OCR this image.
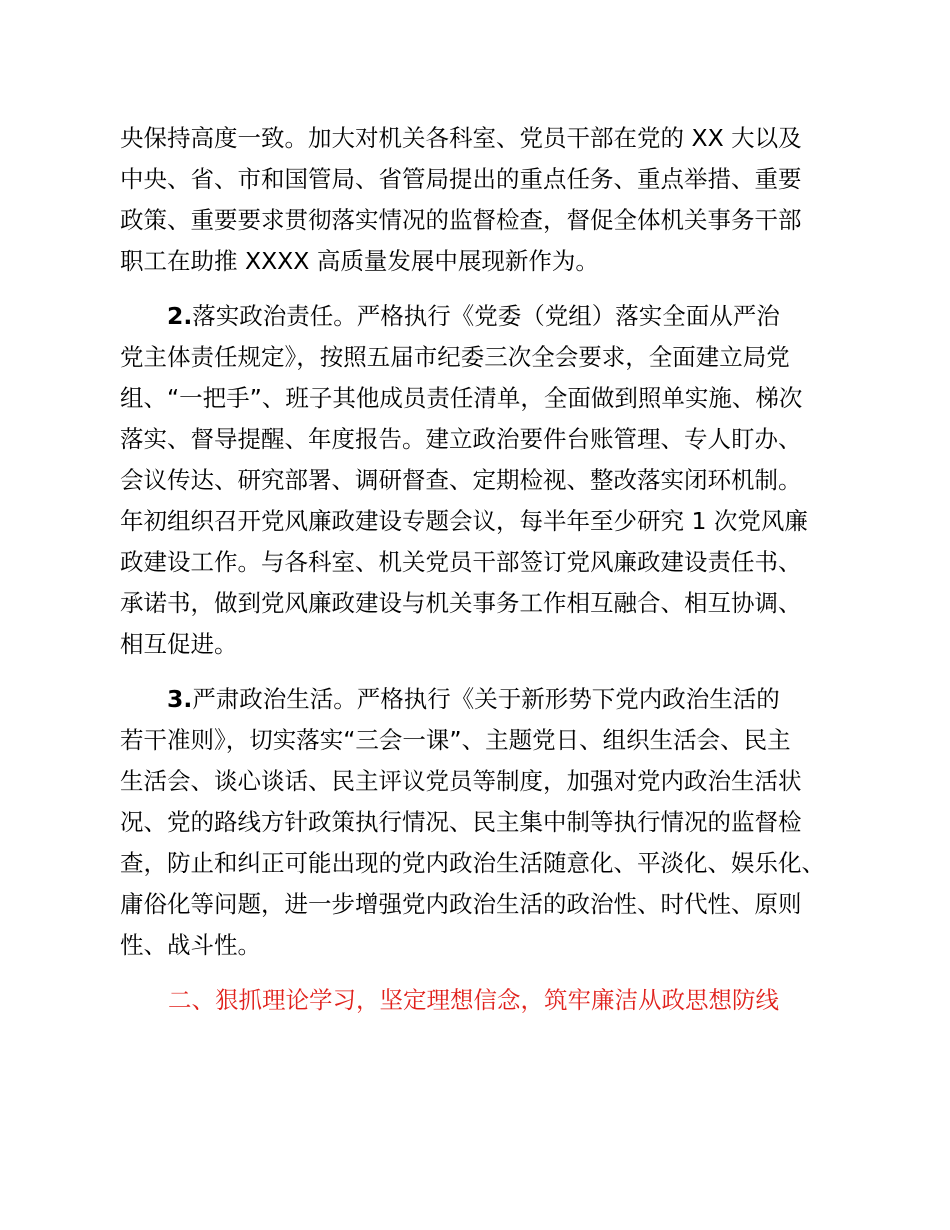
央保持高度一致。加大对机关各科室、党员干部在党的 XX 大以及
中央、省、市和国管局、省管局提出的重点任务、重点举措、重要
政策、重要要求贯彻落实情况的监督检查，督促全体机关事务干部
职工在助推 XXXX 高质量发展中展现新作为。

2.落实政治责任。严格执行《党委（党组）落实全面从严治
党主体责任规定》，按照五届市纪委三次全会要求，全面建立局党
组、“一把手”、班子其他成员责任清单，全面做到照单实施、梯次
落实、督导提醒、年度报告。建立政治要件台账管理、专人盯办、
会议传达、研究部署、调研督查、定期检视、整改落实闭环机制。
年初组织召开党风廉政建设专题会议，每半年至少研究 1 次党风廉
政建设工作。与各科室、机关党员干部签订党风廉政建设责任书、
承诺书，做到党风廉政建设与机关事务工作相互融合、相互协调、
相互促进。

3.严肃政治生活。严格执行《关于新形势下党内政治生活的
若干准则》，切实落实“三会一课”、主题党日、组织生活会、民主
生活会、谈心谈话、民主评议党员等制度，加强对党内政治生活状
况、党的路线方针政策执行情况、民主集中制等执行情况的监督检
查，防止和纠正可能出现的党内政治生活随意化、平淡化、娱乐化、
庸俗化等问题，进一步增强党内政治生活的政治性、时代性、原则
性、战斗性。

二、狠抓理论学习，坚定理想信念，筑牢廉洁从政思想防线
